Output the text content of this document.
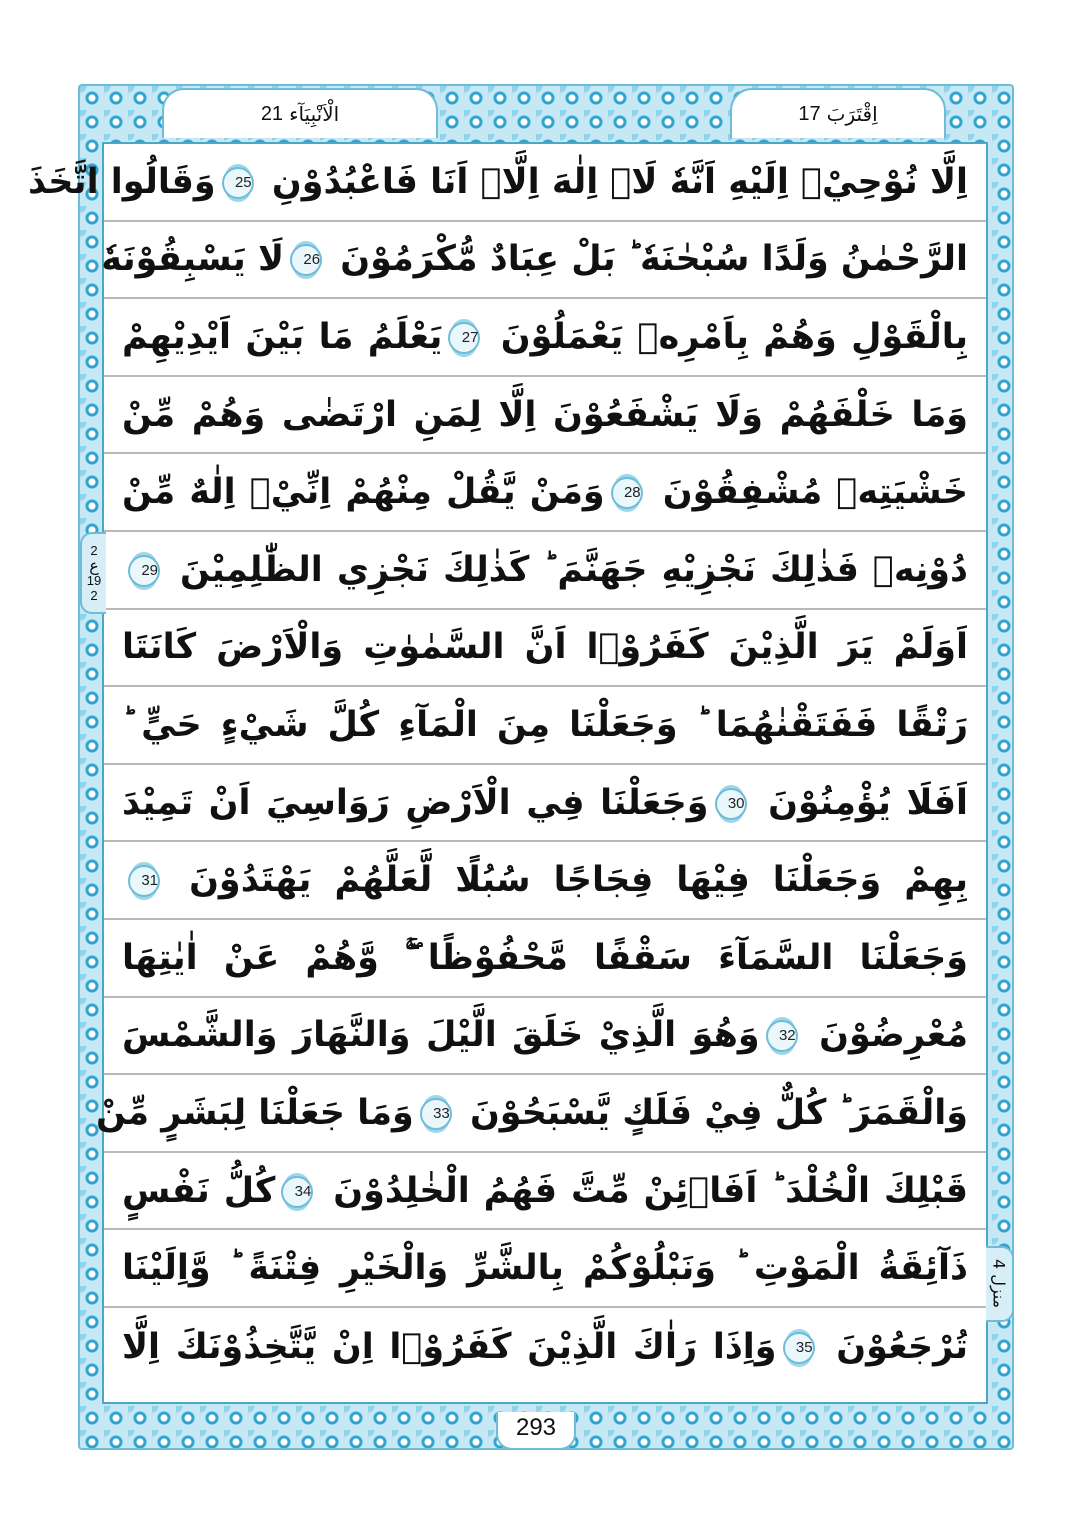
21 الْاَنْبِيَآء	17 اِقْتَرَبَ
اِلَّا نُوْحِيْۤ اِلَيْهِ اَنَّهٗ لَاۤ اِلٰهَ اِلَّاۤ اَنَا فَاعْبُدُوْنِ 25وَقَالُوا اتَّخَذَ
الرَّحْمٰنُ وَلَدًا سُبْحٰنَهٗ ؕ بَلْ عِبَادٌ مُّكْرَمُوْنَ 26لَا يَسْبِقُوْنَهٗ
بِالْقَوْلِ وَهُمْ بِاَمْرِهٖ يَعْمَلُوْنَ 27يَعْلَمُ مَا بَيْنَ اَيْدِيْهِمْ
وَمَا خَلْفَهُمْ وَلَا يَشْفَعُوْنَ اِلَّا لِمَنِ ارْتَضٰى وَهُمْ مِّنْ
خَشْيَتِهٖ مُشْفِقُوْنَ 28وَمَنْ يَّقُلْ مِنْهُمْ اِنِّيْۤ اِلٰهٌ مِّنْ
دُوْنِهٖ فَذٰلِكَ نَجْزِيْهِ جَهَنَّمَ ؕ كَذٰلِكَ نَجْزِي الظّٰلِمِيْنَ 29
اَوَلَمْ يَرَ الَّذِيْنَ كَفَرُوْۤا اَنَّ السَّمٰوٰتِ وَالْاَرْضَ كَانَتَا
رَتْقًا فَفَتَقْنٰهُمَا ؕ وَجَعَلْنَا مِنَ الْمَآءِ كُلَّ شَيْءٍ حَيٍّ ؕ
اَفَلَا يُؤْمِنُوْنَ 30وَجَعَلْنَا فِي الْاَرْضِ رَوَاسِيَ اَنْ تَمِيْدَ
بِهِمْ وَجَعَلْنَا فِيْهَا فِجَاجًا سُبُلًا لَّعَلَّهُمْ يَهْتَدُوْنَ 31
وَجَعَلْنَا السَّمَآءَ سَقْفًا مَّحْفُوْظًا ۖۚ وَّهُمْ عَنْ اٰيٰتِهَا
مُعْرِضُوْنَ 32وَهُوَ الَّذِيْ خَلَقَ الَّيْلَ وَالنَّهَارَ وَالشَّمْسَ
وَالْقَمَرَ ؕ كُلٌّ فِيْ فَلَكٍ يَّسْبَحُوْنَ 33وَمَا جَعَلْنَا لِبَشَرٍ مِّنْ
قَبْلِكَ الْخُلْدَ ؕ اَفَاۡئِنْ مِّتَّ فَهُمُ الْخٰلِدُوْنَ 34كُلُّ نَفْسٍ
ذَآئِقَةُ الْمَوْتِ ؕ وَنَبْلُوْكُمْ بِالشَّرِّ وَالْخَيْرِ فِتْنَةً ؕ وَّاِلَيْنَا
تُرْجَعُوْنَ 35وَاِذَا رَاٰكَ الَّذِيْنَ كَفَرُوْۤا اِنْ يَّتَّخِذُوْنَكَ اِلَّا
2
ع
19
2
منزل 4
293
